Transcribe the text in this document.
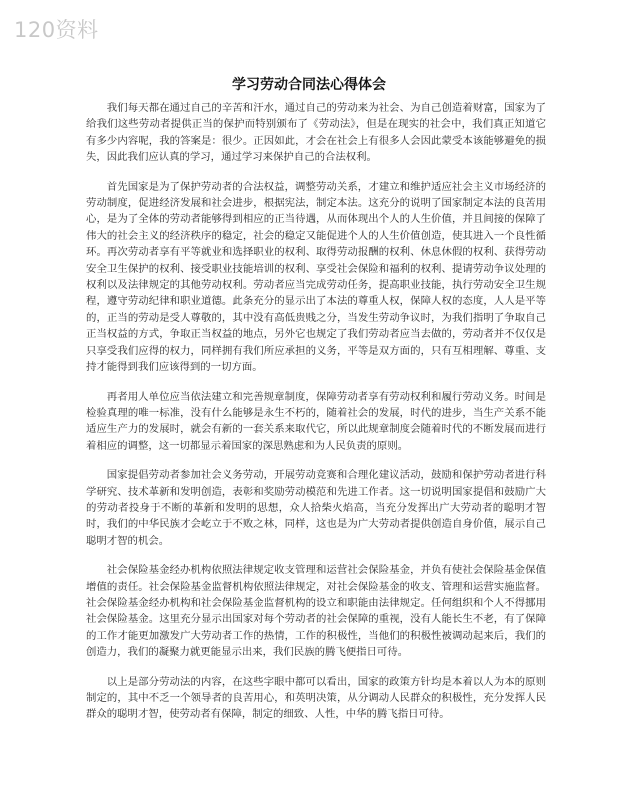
120资料
学习劳动合同法心得体会

我们每天都在通过自己的辛苦和汗水，通过自己的劳动来为社会、为自己创造着财富，国家为了给我们这些劳动者提供正当的保护而特别颁布了《劳动法》，但是在现实的社会中，我们真正知道它有多少内容呢，我的答案是：很少。正因如此，才会在社会上有很多人会因此蒙受本该能够避免的损失，因此我们应认真的学习，通过学习来保护自己的合法权利。

首先国家是为了保护劳动者的合法权益，调整劳动关系，才建立和维护适应社会主义市场经济的劳动制度，促进经济发展和社会进步，根据宪法，制定本法。这充分的说明了国家制定本法的良苦用心，是为了全体的劳动者能够得到相应的正当待遇，从而体现出个人的人生价值，并且间接的保障了伟大的社会主义的经济秩序的稳定，社会的稳定又能促进个人的人生价值创造，使其进入一个良性循环。再次劳动者享有平等就业和选择职业的权利、取得劳动报酬的权利、休息休假的权利、获得劳动安全卫生保护的权利、接受职业技能培训的权利、享受社会保险和福利的权利、提请劳动争议处理的权利以及法律规定的其他劳动权利。劳动者应当完成劳动任务，提高职业技能，执行劳动安全卫生规程，遵守劳动纪律和职业道德。此条充分的显示出了本法的尊重人权，保障人权的态度，人人是平等的，正当的劳动是受人尊敬的，其中没有高低贵贱之分，当发生劳动争议时，为我们指明了争取自己正当权益的方式，争取正当权益的地点，另外它也规定了我们劳动者应当去做的，劳动者并不仅仅是只享受我们应得的权力，同样拥有我们所应承担的义务，平等是双方面的，只有互相理解、尊重、支持才能得到我们应该得到的一切方面。

再者用人单位应当依法建立和完善规章制度，保障劳动者享有劳动权利和履行劳动义务。时间是检验真理的唯一标准，没有什么能够是永生不朽的，随着社会的发展，时代的进步，当生产关系不能适应生产力的发展时，就会有新的一套关系来取代它，所以此规章制度会随着时代的不断发展而进行着相应的调整，这一切都显示着国家的深思熟虑和为人民负责的原则。

国家提倡劳动者参加社会义务劳动，开展劳动竞赛和合理化建议活动，鼓励和保护劳动者进行科学研究、技术革新和发明创造，表彰和奖励劳动模范和先进工作者。这一切说明国家提倡和鼓励广大的劳动者投身于不断的革新和发明的思想，众人拾柴火焰高，当充分发挥出广大劳动者的聪明才智时，我们的中华民族才会屹立于不败之林，同样，这也是为广大劳动者提供创造自身价值，展示自己聪明才智的机会。

社会保险基金经办机构依照法律规定收支管理和运营社会保险基金，并负有使社会保险基金保值增值的责任。社会保险基金监督机构依照法律规定，对社会保险基金的收支、管理和运营实施监督。社会保险基金经办机构和社会保险基金监督机构的设立和职能由法律规定。任何组织和个人不得挪用社会保险基金。这里充分显示出国家对每个劳动者的社会保障的重视，没有人能长生不老，有了保障的工作才能更加激发广大劳动者工作的热情，工作的积极性，当他们的积极性被调动起来后，我们的创造力，我们的凝聚力就更能显示出来，我们民族的腾飞便指日可待。

以上是部分劳动法的内容，在这些字眼中都可以看出，国家的政策方针均是本着以人为本的原则制定的，其中不乏一个领导者的良苦用心，和英明决策，从分调动人民群众的积极性，充分发挥人民群众的聪明才智，使劳动者有保障，制定的细致、人性，中华的腾飞指日可待。
